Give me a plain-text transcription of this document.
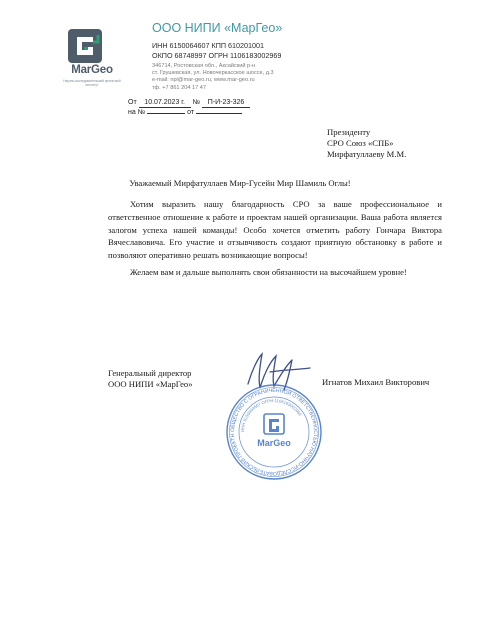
MarGeo
Научно-исследовательский проектный институт
ООО НИПИ «МарГео»
ИНН 6150064607 КПП 610201001
ОКПО 68748997 ОГРН 1106183002969
346714, Ростовская обл., Аксайский р-н
ст. Грушевская, ул. Новочеркасское шоссе, д.3
e-mail: npi@mar-geo.ru, www.mar-geo.ru
тф. +7 861 204 17 47
От 10.07.2023 г. № П-И-23-326
на №	от
Президенту
СРО Союз «СПБ»
Мирфатуллаеву М.М.
Уважаемый Мирфатуллаев Мир-Гусейн Мир Шамиль Оглы!

Хотим выразить нашу благодарность СРО за ваше профессиональное и ответственное отношение к работе и проектам нашей организации. Ваша работа является залогом успеха нашей команды! Особо хочется отметить работу Гончара Виктора Вячеславовича. Его участие и отзывчивость создают приятную обстановку в работе и позволяют оперативно решать возникающие вопросы!

Желаем вам и дальше выполнять свои обязанности на высочайшем уровне!

Генеральный директор
ООО НИПИ «МарГео»	Игнатов Михаил Викторович
ОБЩЕСТВО С ОГРАНИЧЕННОЙ ОТВЕТСТВЕННОСТЬЮ НАУЧНО-ИССЛЕДОВАТЕЛЬСКИЙ ПРОЕКТН
ИНН 6150064607 ОГРН 1106183002969
MarGeo
